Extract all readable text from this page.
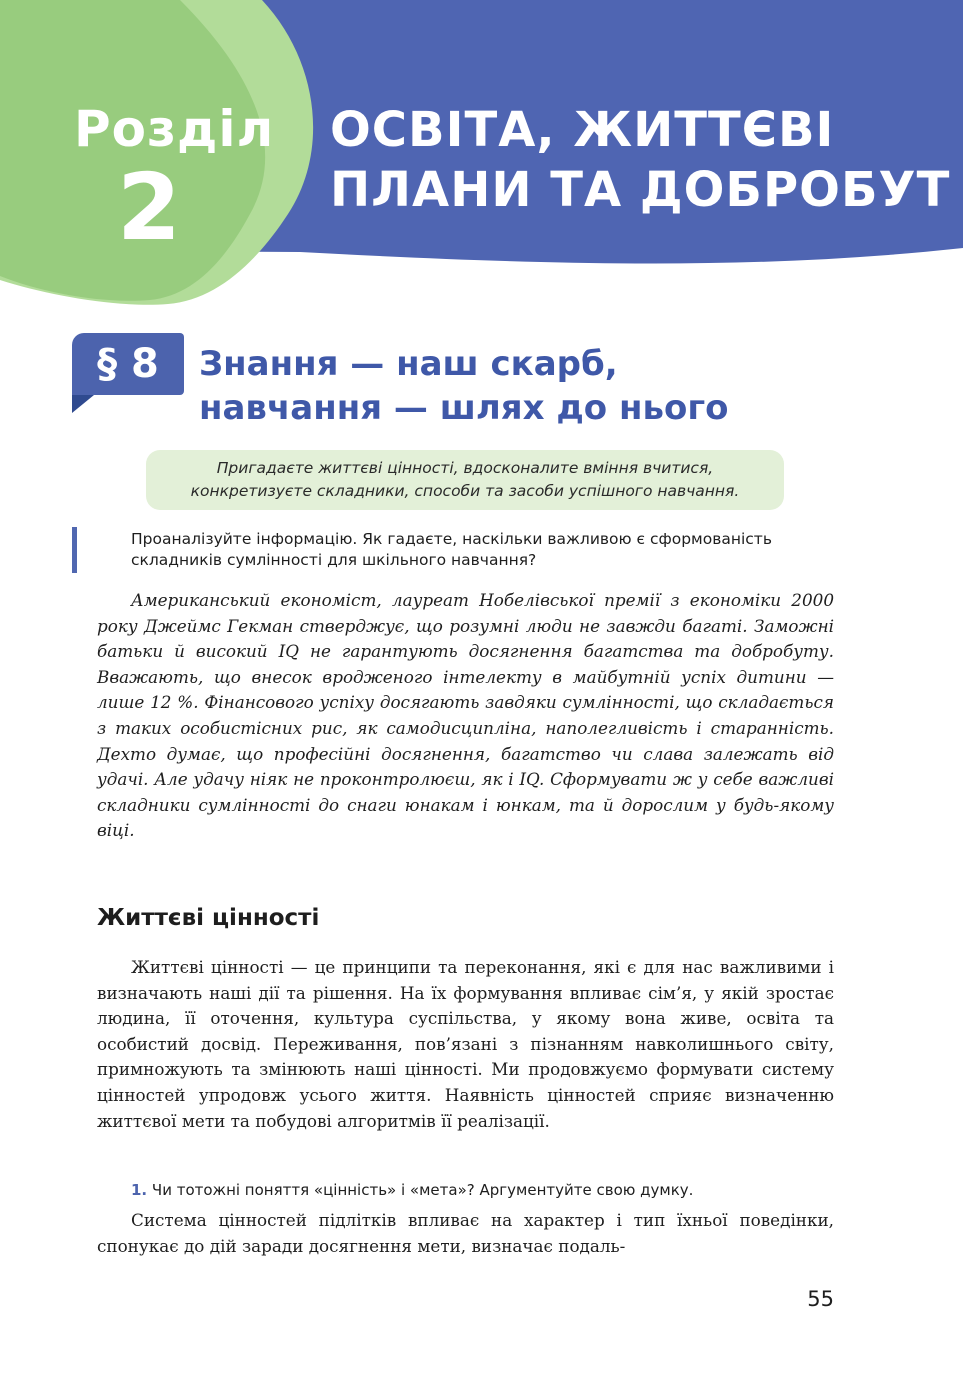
Розділ
2
ОСВІТА, ЖИТТЄВІ
ПЛАНИ ТА ДОБРОБУТ
§ 8	Знання — наш скарб,
навчання — шлях до нього
Пригадаєте життєві цінності, вдосконалите вміння вчитися,
конкретизуєте складники, способи та засоби успішного навчання.
Проаналізуйте інформацію. Як гадаєте, наскільки важливою є сформованість складників сумлінності для шкільного навчання?
Американський економіст, лауреат Нобелівської премії з економіки 2000 року Джеймс Гекман стверджує, що розумні люди не завжди багаті. Заможні батьки й високий IQ не гарантують досягнення багатства та добробуту. Вважають, що внесок вродженого інтелекту в майбутній успіх дитини — лише 12 %. Фінансового успіху досягають завдяки сумлінності, що складається з таких особистісних рис, як самодисципліна, наполегливість і старанність. Дехто думає, що професійні досягнення, багатство чи слава залежать від удачі. Але удачу ніяк не проконтролюєш, як і IQ. Сформувати ж у себе важливі складники сумлінності до снаги юнакам і юнкам, та й дорослим у будь-якому віці.
Життєві цінності
Життєві цінності — це принципи та переконання, які є для нас важливими і визначають наші дії та рішення. На їх формування впливає сім’я, у якій зростає людина, її оточення, культура суспільства, у якому вона живе, освіта та особистий досвід. Переживання, пов’язані з пізнанням навколишнього світу, примножують та змінюють наші цінності. Ми продовжуємо формувати систему цінностей упродовж усього життя. Наявність цінностей сприяє визначенню життєвої мети та побудові алгоритмів її реалізації.
1. Чи тотожні поняття «цінність» і «мета»? Аргументуйте свою думку.
Система цінностей підлітків впливає на характер і тип їхньої поведінки, спонукає до дій заради досягнення мети, визначає подаль-
55
